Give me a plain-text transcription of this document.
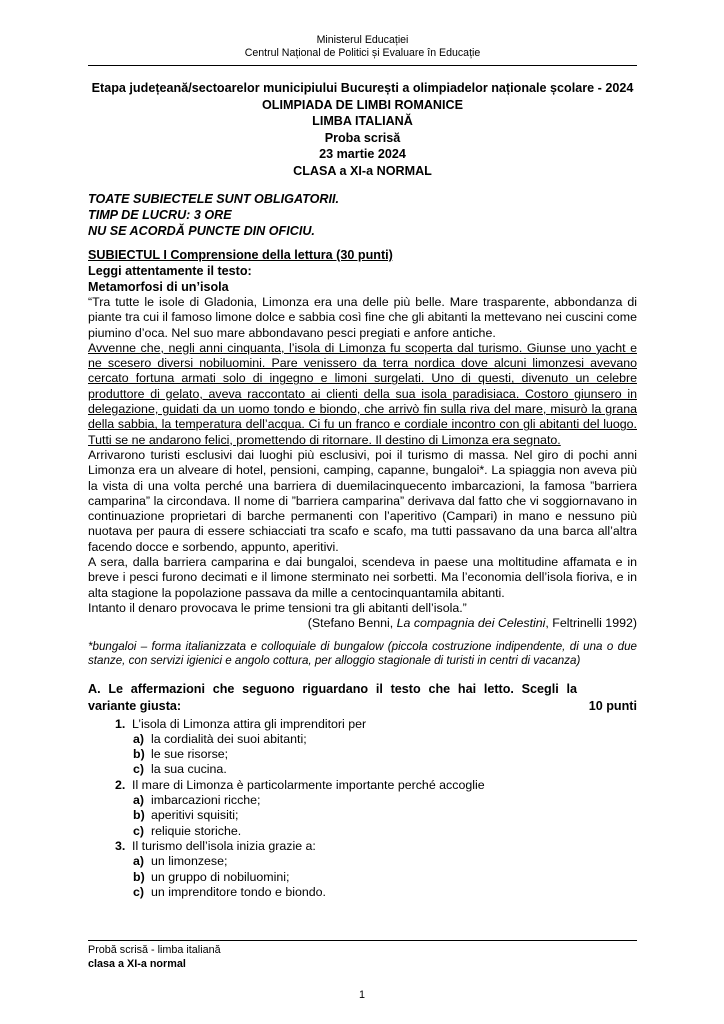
Ministerul Educației
Centrul Național de Politici și Evaluare în Educație
Etapa județeană/sectoarelor municipiului București a olimpiadelor naționale școlare - 2024
OLIMPIADA DE LIMBI ROMANICE
LIMBA ITALIANĂ
Proba scrisă
23 martie 2024
CLASA a XI-a NORMAL
TOATE SUBIECTELE SUNT OBLIGATORII.
TIMP DE LUCRU: 3 ORE
NU SE ACORDĂ PUNCTE DIN OFICIU.
SUBIECTUL I Comprensione della lettura (30 punti)
Leggi attentamente il testo:
Metamorfosi di un’isola
“Tra tutte le isole di Gladonia, Limonza era una delle più belle. Mare trasparente, abbondanza di piante tra cui il famoso limone dolce e sabbia così fine che gli abitanti la mettevano nei cuscini come piumino d’oca. Nel suo mare abbondavano pesci pregiati e anfore antiche.
Avvenne che, negli anni cinquanta, l’isola di Limonza fu scoperta dal turismo. Giunse uno yacht e ne scesero diversi nobiluomini. Pare venissero da terra nordica dove alcuni limonzesi avevano cercato fortuna armati solo di ingegno e limoni surgelati. Uno di questi, divenuto un celebre produttore di gelato, aveva raccontato ai clienti della sua isola paradisiaca. Costoro giunsero in delegazione, guidati da un uomo tondo e biondo, che arrivò fin sulla riva del mare, misurò la grana della sabbia, la temperatura dell’acqua. Ci fu un franco e cordiale incontro con gli abitanti del luogo. Tutti se ne andarono felici, promettendo di ritornare. Il destino di Limonza era segnato.
Arrivarono turisti esclusivi dai luoghi più esclusivi, poi il turismo di massa. Nel giro di pochi anni Limonza era un alveare di hotel, pensioni, camping, capanne, bungaloi*. La spiaggia non aveva più la vista di una volta perché una barriera di duemilacinquecento imbarcazioni, la famosa ”barriera camparina” la circondava. Il nome di ”barriera camparina” derivava dal fatto che vi soggiornavano in continuazione proprietari di barche permanenti con l’aperitivo (Campari) in mano e nessuno più nuotava per paura di essere schiacciati tra scafo e scafo, ma tutti passavano da una barca all’altra facendo docce e sorbendo, appunto, aperitivi.
A sera, dalla barriera camparina e dai bungaloi, scendeva in paese una moltitudine affamata e in breve i pesci furono decimati e il limone sterminato nei sorbetti. Ma l’economia dell’isola fioriva, e in alta stagione la popolazione passava da mille a centocinquantamila abitanti.
Intanto il denaro provocava le prime tensioni tra gli abitanti dell’isola.”
(Stefano Benni, La compagnia dei Celestini, Feltrinelli 1992)
*bungaloi – forma italianizzata e colloquiale di bungalow (piccola costruzione indipendente, di una o due stanze, con servizi igienici e angolo cottura, per alloggio stagionale di turisti in centri di vacanza)
A. Le affermazioni che seguono riguardano il testo che hai letto. Scegli la variante giusta:	10 punti
1. L’isola di Limonza attira gli imprenditori per
a) la cordialità dei suoi abitanti;
b) le sue risorse;
c) la sua cucina.
2. Il mare di Limonza è particolarmente importante perché accoglie
a) imbarcazioni ricche;
b) aperitivi squisiti;
c) reliquie storiche.
3. Il turismo dell’isola inizia grazie a:
a) un limonzese;
b) un gruppo di nobiluomini;
c) un imprenditore tondo e biondo.
Probă scrisă - limba italiană
clasa a XI-a normal
1
